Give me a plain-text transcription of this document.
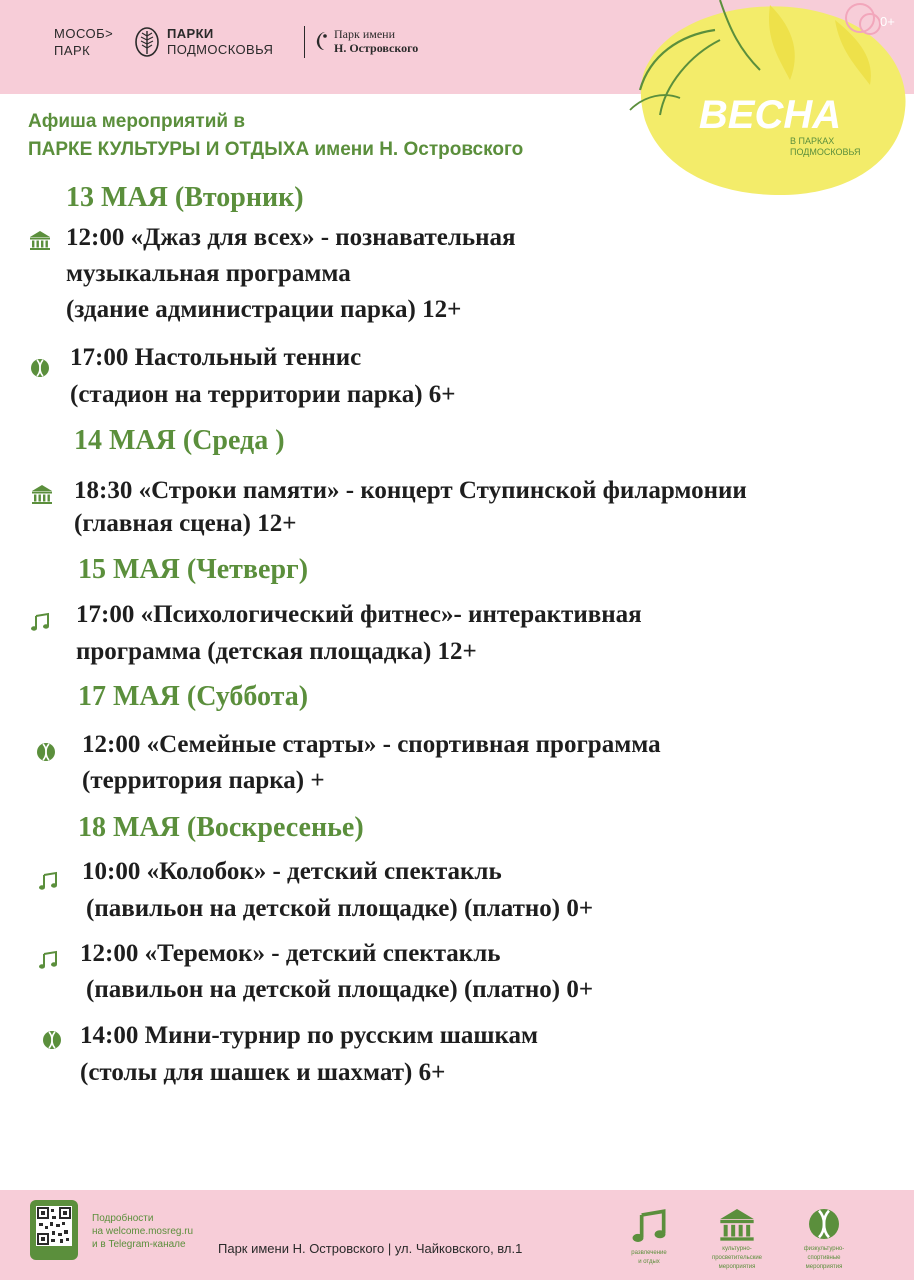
МОСОБ>
ПАРК
ПАРКИ
ПОДМОСКОВЬЯ
Парк имени
Н. Островского
ВЕСНА
В ПАРКАХ
ПОДМОСКОВЬЯ
0+
Афиша мероприятий в
ПАРКЕ КУЛЬТУРЫ И ОТДЫХА имени Н. Островского
13 МАЯ (Вторник)
12:00 «Джаз для всех» - познавательная
музыкальная программа
(здание администрации парка) 12+
17:00 Настольный теннис
(стадион на территории парка) 6+
14 МАЯ (Среда )
18:30 «Строки памяти» - концерт Ступинской филармонии
(главная сцена) 12+
15 МАЯ (Четверг)
17:00 «Психологический фитнес»- интерактивная
программа (детская площадка) 12+
17 МАЯ (Суббота)
12:00 «Семейные старты» - спортивная программа
(территория парка) +
18 МАЯ (Воскресенье)
10:00 «Колобок» - детский спектакль
(павильон на детской площадке) (платно) 0+
12:00 «Теремок» - детский спектакль
(павильон на детской площадке) (платно) 0+
14:00 Мини-турнир по русским шашкам
(столы для шашек и шахмат) 6+
Подробности
на welcome.mosreg.ru
и в Telegram-канале	Парк имени Н. Островского | ул. Чайковского, вл.1	развлечение
и отдых
культурно-
просветительские
мероприятия
физкультурно-
спортивные
мероприятия
